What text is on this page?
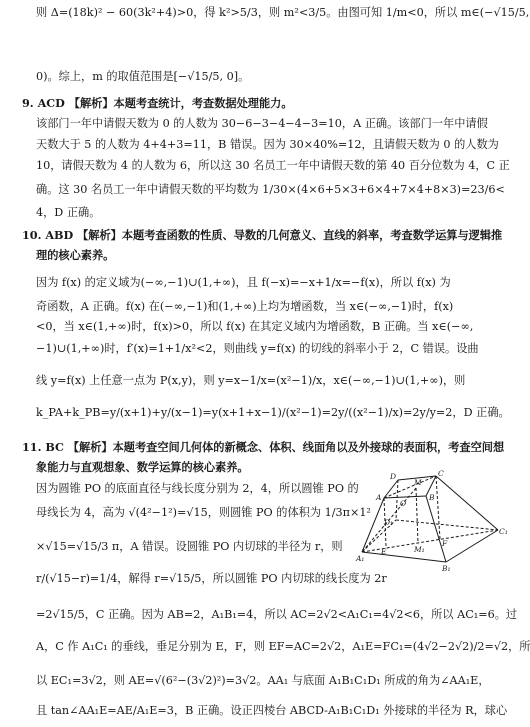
则 Δ=(18k)² − 60(3k²+4)>0，得 k²>5/3，则 m²<3/5。由图可知 1/m<0，所以 m∈(−√15/5,
0)。综上，m 的取值范围是[−√15/5, 0]。
9. ACD 【解析】本题考查统计，考查数据处理能力。
该部门一年中请假天数为 0 的人数为 30−6−3−4−4−3=10，A 正确。该部门一年中请假
天数大于 5 的人数为 4+4+3=11，B 错误。因为 30×40%=12，且请假天数为 0 的人数为
10，请假天数为 4 的人数为 6，所以这 30 名员工一年中请假天数的第 40 百分位数为 4，C 正
确。这 30 名员工一年中请假天数的平均数为 1/30×(4×6+5×3+6×4+7×4+8×3)=23/6<
4，D 正确。
10. ABD 【解析】本题考查函数的性质、导数的几何意义、直线的斜率，考查数学运算与逻辑推
理的核心素养。
因为 f(x) 的定义域为(−∞,−1)∪(1,+∞)，且 f(−x)=−x+1/x=−f(x)，所以 f(x) 为
奇函数，A 正确。f(x) 在(−∞,−1)和(1,+∞)上均为增函数，当 x∈(−∞,−1)时，f(x)
<0，当 x∈(1,+∞)时，f(x)>0，所以 f(x) 在其定义域内为增函数，B 正确。当 x∈(−∞,
−1)∪(1,+∞)时，f′(x)=1+1/x²<2，则曲线 y=f(x) 的切线的斜率小于 2，C 错误。设曲
线 y=f(x) 上任意一点为 P(x,y)，则 y=x−1/x=(x²−1)/x，x∈(−∞,−1)∪(1,+∞)，则
k_PA+k_PB=y/(x+1)+y/(x−1)=y(x+1+x−1)/(x²−1)=2y/((x²−1)/x)=2y/y=2，D 正确。
11. BC 【解析】本题考查空间几何体的新概念、体积、线面角以及外接球的表面积，考查空间想
象能力与直观想象、数学运算的核心素养。
因为圆锥 PO 的底面直径与线长度分别为 2，4，所以圆锥 PO 的
母线长为 4，高为 √(4²−1²)=√15，则圆锥 PO 的体积为 1/3π×1²
×√15=√15/3 π，A 错误。设圆锥 PO 内切球的半径为 r，则
r/(√15−r)=1/4，解得 r=√15/5，所以圆锥 PO 内切球的线长度为 2r
=2√15/5，C 正确。因为 AB=2，A₁B₁=4，所以 AC=2√2<A₁C₁=4√2<6，所以 AC₁=6。过
A，C 作 A₁C₁ 的垂线，垂足分别为 E，F，则 EF=AC=2√2，A₁E=FC₁=(4√2−2√2)/2=√2，所
以 EC₁=3√2，则 AE=√(6²−(3√2)²)=3√2。AA₁ 与底面 A₁B₁C₁D₁ 所成的角为∠AA₁E，
且 tan∠AA₁E=AE/A₁E=3，B 正确。设正四棱台 ABCD-A₁B₁C₁D₁ 外接球的半径为 R，球心
D	C
A	B
M
D₁
C₁
A₁
B₁
M₁
E
F
O
